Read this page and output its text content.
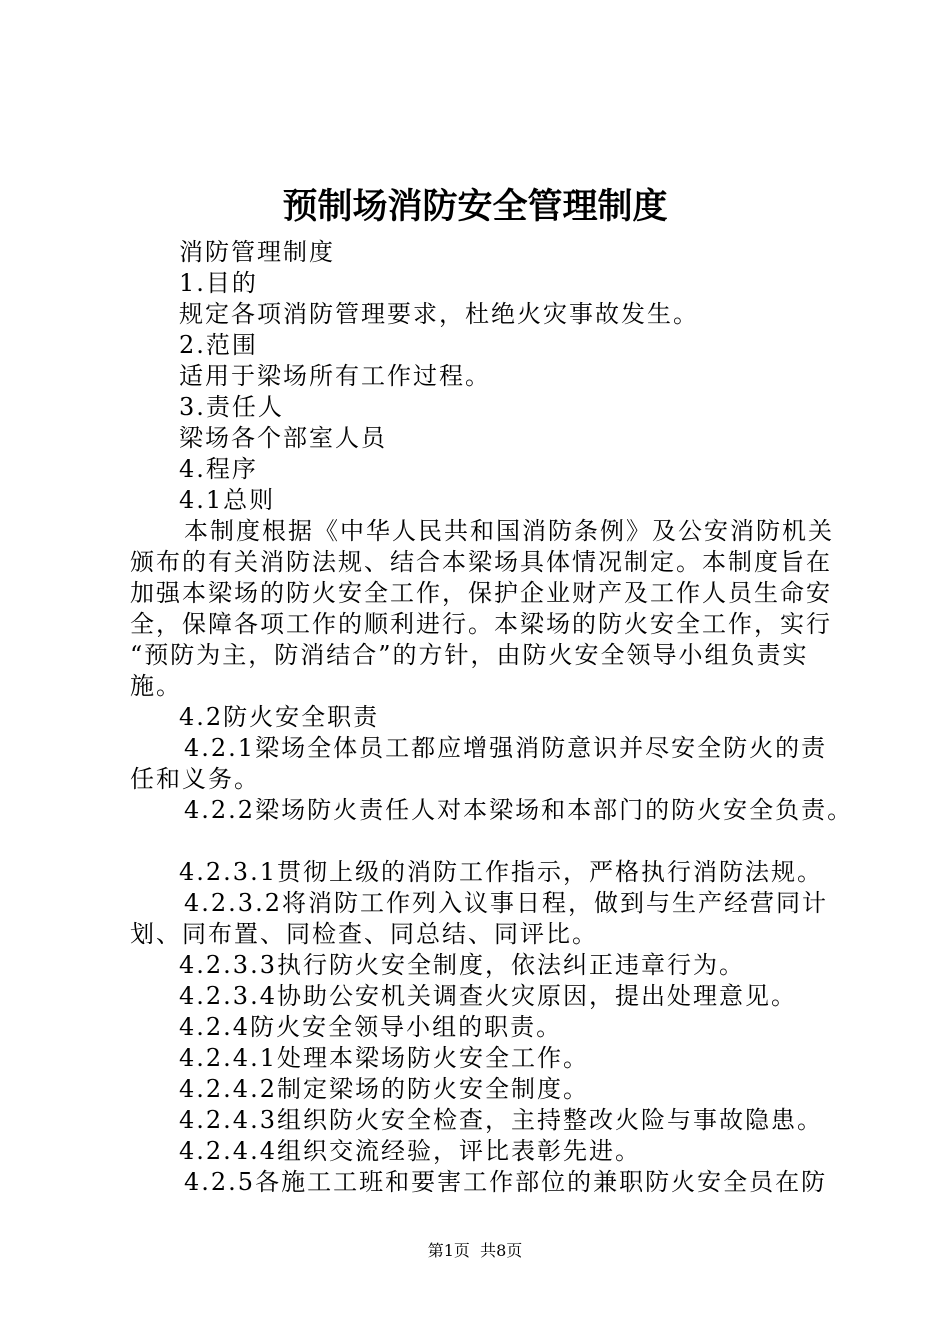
预制场消防安全管理制度
消防管理制度
1.目的
规定各项消防管理要求，杜绝火灾事故发生。
2.范围
适用于梁场所有工作过程。
3.责任人
梁场各个部室人员
4.程序
4.1总则
本制度根据《中华人民共和国消防条例》及公安消防机关
颁布的有关消防法规、结合本梁场具体情况制定。本制度旨在
加强本梁场的防火安全工作，保护企业财产及工作人员生命安
全，保障各项工作的顺利进行。本梁场的防火安全工作，实行
“预防为主，防消结合”的方针，由防火安全领导小组负责实
施。
4.2防火安全职责
4.2.1梁场全体员工都应增强消防意识并尽安全防火的责
任和义务。
4.2.2梁场防火责任人对本梁场和本部门的防火安全负责。
4.2.3.1贯彻上级的消防工作指示，严格执行消防法规。
4.2.3.2将消防工作列入议事日程，做到与生产经营同计
划、同布置、同检查、同总结、同评比。
4.2.3.3执行防火安全制度，依法纠正违章行为。
4.2.3.4协助公安机关调查火灾原因，提出处理意见。
4.2.4防火安全领导小组的职责。
4.2.4.1处理本梁场防火安全工作。
4.2.4.2制定梁场的防火安全制度。
4.2.4.3组织防火安全检查，主持整改火险与事故隐患。
4.2.4.4组织交流经验，评比表彰先进。
4.2.5各施工工班和要害工作部位的兼职防火安全员在防
第1页  共8页
